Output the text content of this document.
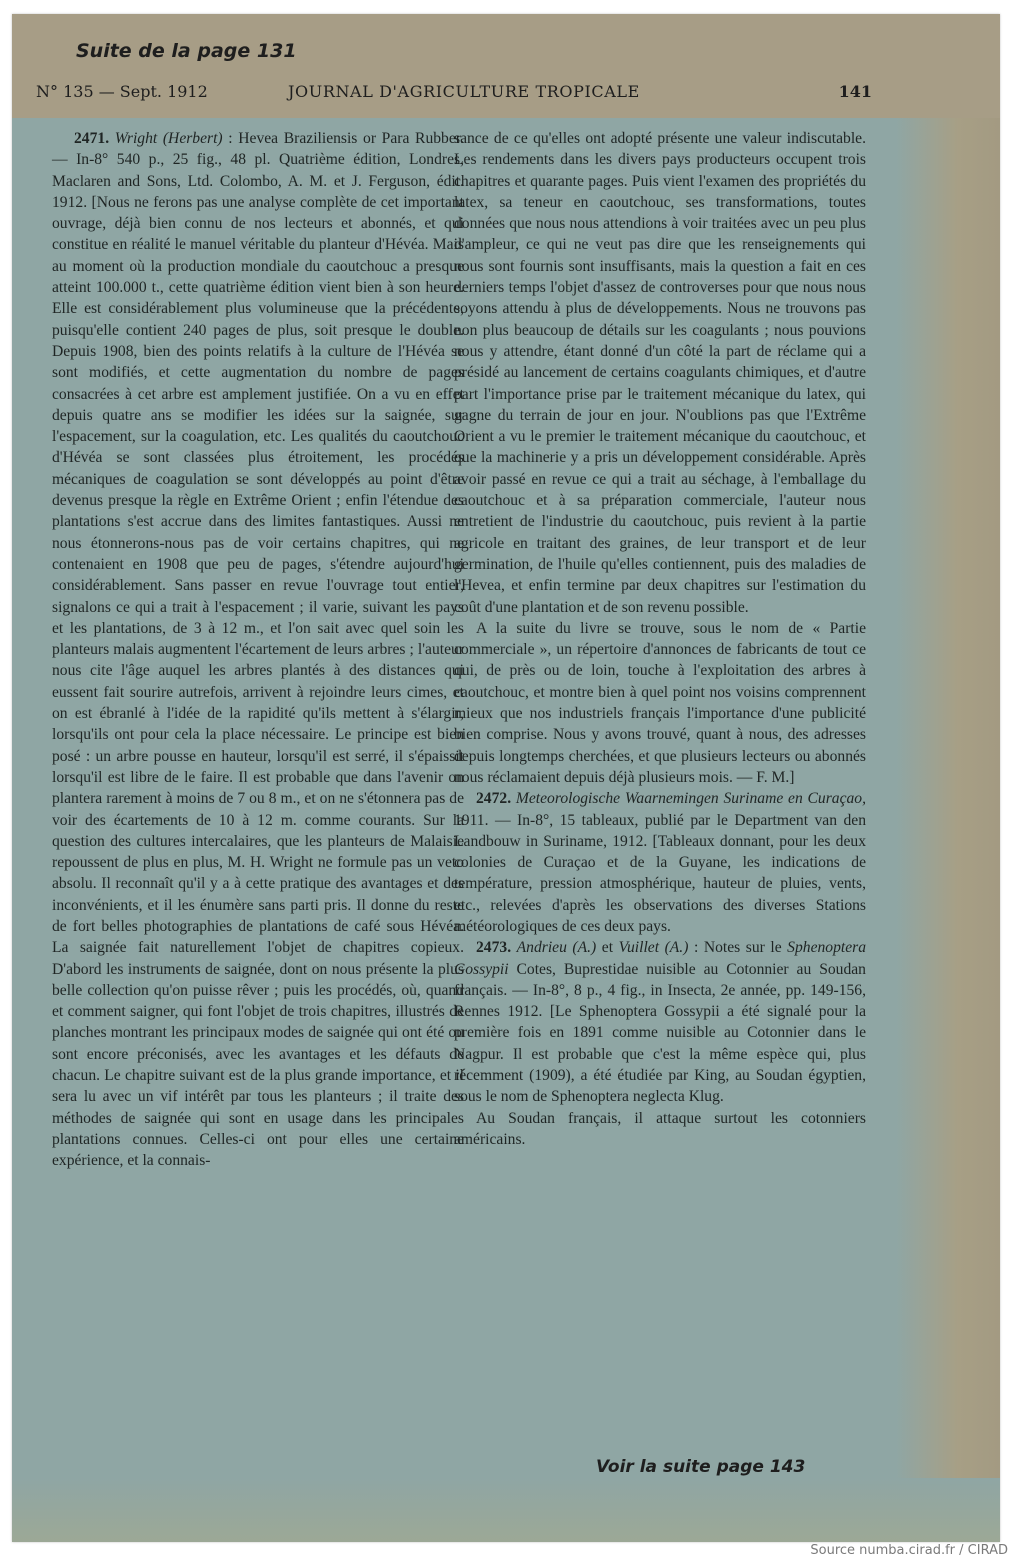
Suite de la page 131
N° 135 — Sept. 1912	JOURNAL D'AGRICULTURE TROPICALE	141

2471. Wright (Herbert) : Hevea Braziliensis or Para Rubber. — In-8° 540 p., 25 fig., 48 pl. Quatrième édition, Londres, Maclaren and Sons, Ltd. Colombo, A. M. et J. Ferguson, édit. 1912. [Nous ne ferons pas une analyse complète de cet important ouvrage, déjà bien connu de nos lecteurs et abonnés, et qui constitue en réalité le manuel véritable du planteur d'Hévéa. Mais au moment où la production mondiale du caoutchouc a presque atteint 100.000 t., cette quatrième édition vient bien à son heure. Elle est considérablement plus volumineuse que la précédente, puisqu'elle contient 240 pages de plus, soit presque le double. Depuis 1908, bien des points relatifs à la culture de l'Hévéa se sont modifiés, et cette augmentation du nombre de pages consacrées à cet arbre est amplement justifiée. On a vu en effet depuis quatre ans se modifier les idées sur la saignée, sur l'espacement, sur la coagulation, etc. Les qualités du caoutchouc d'Hévéa se sont classées plus étroitement, les procédés mécaniques de coagulation se sont développés au point d'être devenus presque la règle en Extrême Orient ; enfin l'étendue des plantations s'est accrue dans des limites fantastiques. Aussi ne nous étonnerons-nous pas de voir certains chapitres, qui ne contenaient en 1908 que peu de pages, s'étendre aujourd'hui considérablement. Sans passer en revue l'ouvrage tout entier, signalons ce qui a trait à l'espacement ; il varie, suivant les pays et les plantations, de 3 à 12 m., et l'on sait avec quel soin les planteurs malais augmentent l'écartement de leurs arbres ; l'auteur nous cite l'âge auquel les arbres plantés à des distances qui eussent fait sourire autrefois, arrivent à rejoindre leurs cimes, et on est ébranlé à l'idée de la rapidité qu'ils mettent à s'élargir, lorsqu'ils ont pour cela la place nécessaire. Le principe est bien posé : un arbre pousse en hauteur, lorsqu'il est serré, il s'épaissit lorsqu'il est libre de le faire. Il est probable que dans l'avenir on plantera rarement à moins de 7 ou 8 m., et on ne s'étonnera pas de voir des écartements de 10 à 12 m. comme courants. Sur la question des cultures intercalaires, que les planteurs de Malaisie repoussent de plus en plus, M. H. Wright ne formule pas un veto absolu. Il reconnaît qu'il y a à cette pratique des avantages et des inconvénients, et il les énumère sans parti pris. Il donne du reste de fort belles photographies de plantations de café sous Hévéa. La saignée fait naturellement l'objet de chapitres copieux. D'abord les instruments de saignée, dont on nous présente la plus belle collection qu'on puisse rêver ; puis les procédés, où, quand et comment saigner, qui font l'objet de trois chapitres, illustrés de planches montrant les principaux modes de saignée qui ont été ou sont encore préconisés, avec les avantages et les défauts de chacun. Le chapitre suivant est de la plus grande importance, et il sera lu avec un vif intérêt par tous les planteurs ; il traite des méthodes de saignée qui sont en usage dans les principales plantations connues. Celles-ci ont pour elles une certaine expérience, et la connais-

sance de ce qu'elles ont adopté présente une valeur indiscutable. Les rendements dans les divers pays producteurs occupent trois chapitres et quarante pages. Puis vient l'examen des propriétés du latex, sa teneur en caoutchouc, ses transformations, toutes données que nous nous attendions à voir traitées avec un peu plus d'ampleur, ce qui ne veut pas dire que les renseignements qui nous sont fournis sont insuffisants, mais la question a fait en ces derniers temps l'objet d'assez de controverses pour que nous nous soyons attendu à plus de développements. Nous ne trouvons pas non plus beaucoup de détails sur les coagulants ; nous pouvions nous y attendre, étant donné d'un côté la part de réclame qui a présidé au lancement de certains coagulants chimiques, et d'autre part l'importance prise par le traitement mécanique du latex, qui gagne du terrain de jour en jour. N'oublions pas que l'Extrême Orient a vu le premier le traitement mécanique du caoutchouc, et que la machinerie y a pris un développement considérable. Après avoir passé en revue ce qui a trait au séchage, à l'emballage du caoutchouc et à sa préparation commerciale, l'auteur nous entretient de l'industrie du caoutchouc, puis revient à la partie agricole en traitant des graines, de leur transport et de leur germination, de l'huile qu'elles contiennent, puis des maladies de l'Hevea, et enfin termine par deux chapitres sur l'estimation du coût d'une plantation et de son revenu possible.

A la suite du livre se trouve, sous le nom de « Partie commerciale », un répertoire d'annonces de fabricants de tout ce qui, de près ou de loin, touche à l'exploitation des arbres à caoutchouc, et montre bien à quel point nos voisins comprennent mieux que nos industriels français l'importance d'une publicité bien comprise. Nous y avons trouvé, quant à nous, des adresses depuis longtemps cherchées, et que plusieurs lecteurs ou abonnés nous réclamaient depuis déjà plusieurs mois. — F. M.]

2472. Meteorologische Waarnemingen Suriname en Curaçao, 1911. — In-8°, 15 tableaux, publié par le Department van den Landbouw in Suriname, 1912. [Tableaux donnant, pour les deux colonies de Curaçao et de la Guyane, les indications de température, pression atmosphérique, hauteur de pluies, vents, etc., relevées d'après les observations des diverses Stations météorologiques de ces deux pays.

2473. Andrieu (A.) et Vuillet (A.) : Notes sur le Sphenoptera Gossypii Cotes, Buprestidae nuisible au Cotonnier au Soudan français. — In-8°, 8 p., 4 fig., in Insecta, 2e année, pp. 149-156, Rennes 1912. [Le Sphenoptera Gossypii a été signalé pour la première fois en 1891 comme nuisible au Cotonnier dans le Nagpur. Il est probable que c'est la même espèce qui, plus récemment (1909), a été étudiée par King, au Soudan égyptien, sous le nom de Sphenoptera neglecta Klug.

Au Soudan français, il attaque surtout les cotonniers américains.

Voir la suite page 143
Source numba.cirad.fr / CIRAD
